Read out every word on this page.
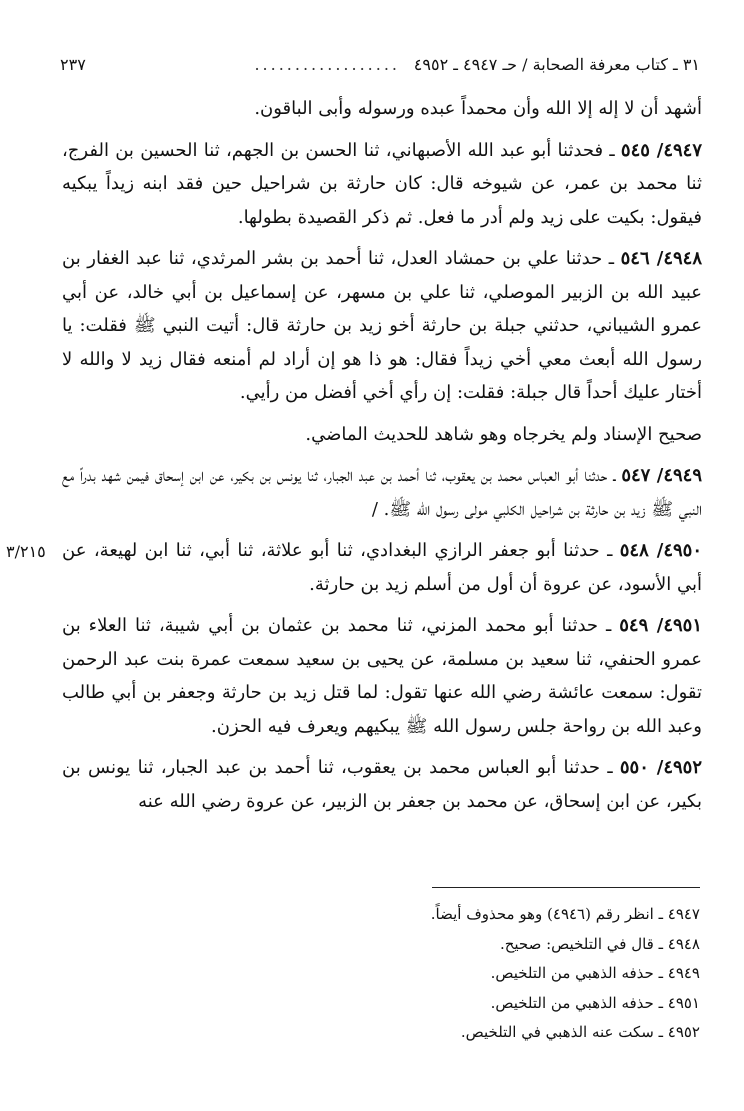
٣١ ـ كتاب معرفة الصحابة / حـ ٤٩٤٧ ـ ٤٩٥٢
..................
٢٣٧
٣/٢١٥

أشهد أن لا إله إلا الله وأن محمداً عبده ورسوله وأبى الباقون.

٤٩٤٧/ ٥٤٥ ـ فحدثنا أبو عبد الله الأصبهاني، ثنا الحسن بن الجهم، ثنا الحسين بن الفرج، ثنا محمد بن عمر، عن شيوخه قال: كان حارثة بن شراحيل حين فقد ابنه زيداً يبكيه فيقول: بكيت على زيد ولم أدر ما فعل. ثم ذكر القصيدة بطولها.

٤٩٤٨/ ٥٤٦ ـ حدثنا علي بن حمشاد العدل، ثنا أحمد بن بشر المرثدي، ثنا عبد الغفار بن عبيد الله بن الزبير الموصلي، ثنا علي بن مسهر، عن إسماعيل بن أبي خالد، عن أبي عمرو الشيباني، حدثني جبلة بن حارثة أخو زيد بن حارثة قال: أتيت النبي ﷺ فقلت: يا رسول الله أبعث معي أخي زيداً فقال: هو ذا هو إن أراد لم أمنعه فقال زيد لا والله لا أختار عليك أحداً قال جبلة: فقلت: إن رأي أخي أفضل من رأيي.

صحيح الإسناد ولم يخرجاه وهو شاهد للحديث الماضي.

٤٩٤٩/ ٥٤٧ ـ حدثنا أبو العباس محمد بن يعقوب، ثنا أحمد بن عبد الجبار، ثنا يونس بن بكير، عن ابن إسحاق فيمن شهد بدراً مع النبي ﷺ زيد بن حارثة بن شراحيل الكلبي مولى رسول الله ﷺ. /

٤٩٥٠/ ٥٤٨ ـ حدثنا أبو جعفر الرازي البغدادي، ثنا أبو علاثة، ثنا أبي، ثنا ابن لهيعة، عن أبي الأسود، عن عروة أن أول من أسلم زيد بن حارثة.

٤٩٥١/ ٥٤٩ ـ حدثنا أبو محمد المزني، ثنا محمد بن عثمان بن أبي شيبة، ثنا العلاء بن عمرو الحنفي، ثنا سعيد بن مسلمة، عن يحيى بن سعيد سمعت عمرة بنت عبد الرحمن تقول: سمعت عائشة رضي الله عنها تقول: لما قتل زيد بن حارثة وجعفر بن أبي طالب وعبد الله بن رواحة جلس رسول الله ﷺ يبكيهم ويعرف فيه الحزن.

٤٩٥٢/ ٥٥٠ ـ حدثنا أبو العباس محمد بن يعقوب، ثنا أحمد بن عبد الجبار، ثنا يونس بن بكير، عن ابن إسحاق، عن محمد بن جعفر بن الزبير، عن عروة رضي الله عنه

٤٩٤٧ ـ انظر رقم (٤٩٤٦) وهو محذوف أيضاً.

٤٩٤٨ ـ قال في التلخيص: صحيح.

٤٩٤٩ ـ حذفه الذهبي من التلخيص.

٤٩٥١ ـ حذفه الذهبي من التلخيص.

٤٩٥٢ ـ سكت عنه الذهبي في التلخيص.
